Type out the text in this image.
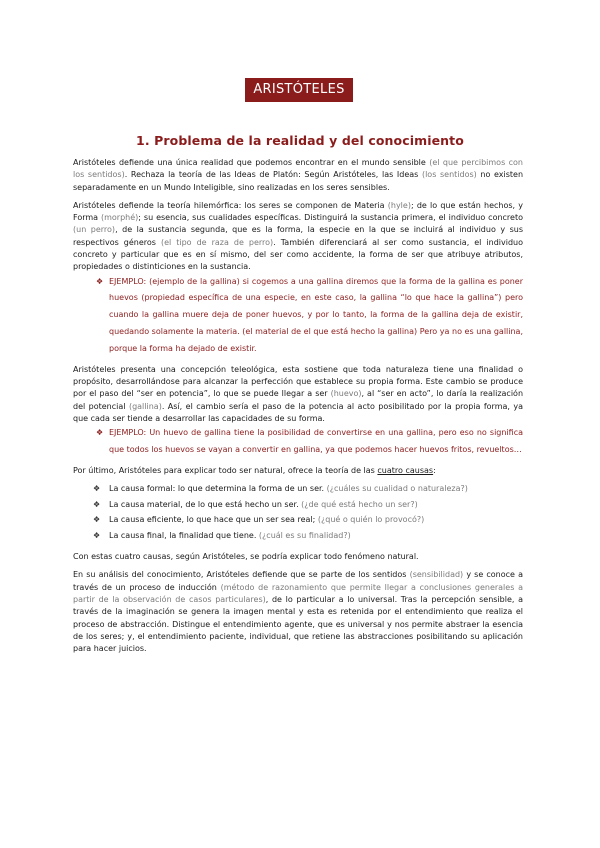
ARISTÓTELES
1. Problema de la realidad y del conocimiento

Aristóteles defiende una única realidad que podemos encontrar en el mundo sensible (el que percibimos con los sentidos). Rechaza la teoría de las Ideas de Platón: Según Aristóteles, las Ideas (los sentidos) no existen separadamente en un Mundo Inteligible, sino realizadas en los seres sensibles.

Aristóteles defiende la teoría hilemórfica: los seres se componen de Materia (hyle); de lo que están hechos, y Forma (morphé); su esencia, sus cualidades específicas. Distinguirá la sustancia primera, el individuo concreto (un perro), de la sustancia segunda, que es la forma, la especie en la que se incluirá al individuo y sus respectivos géneros (el tipo de raza de perro). También diferenciará al ser como sustancia, el individuo concreto y particular que es en sí mismo, del ser como accidente, la forma de ser que atribuye atributos, propiedades o distinticiones en la sustancia.

❖ EJEMPLO: (ejemplo de la gallina) si cogemos a una gallina diremos que la forma de la gallina es poner huevos (propiedad específica de una especie, en este caso, la gallina “lo que hace la gallina”) pero cuando la gallina muere deja de poner huevos, y por lo tanto, la forma de la gallina deja de existir, quedando solamente la materia. (el material de el que está hecho la gallina) Pero ya no es una gallina, porque la forma ha dejado de existir.

Aristóteles presenta una concepción teleológica, esta sostiene que toda naturaleza tiene una finalidad o propósito, desarrollándose para alcanzar la perfección que establece su propia forma. Este cambio se produce por el paso del “ser en potencia”, lo que se puede llegar a ser (huevo), al “ser en acto”, lo daría la realización del potencial (gallina). Así, el cambio sería el paso de la potencia al acto posibilitado por la propia forma, ya que cada ser tiende a desarrollar las capacidades de su forma.

❖ EJEMPLO: Un huevo de gallina tiene la posibilidad de convertirse en una gallina, pero eso no significa que todos los huevos se vayan a convertir en gallina, ya que podemos hacer huevos fritos, revueltos…

Por último, Aristóteles para explicar todo ser natural, ofrece la teoría de las cuatro causas:

❖ La causa formal: lo que determina la forma de un ser. (¿cuáles su cualidad o naturaleza?)
❖ La causa material, de lo que está hecho un ser. (¿de qué está hecho un ser?)
❖ La causa eficiente, lo que hace que un ser sea real; (¿qué o quién lo provocó?)
❖ La causa final, la finalidad que tiene. (¿cuál es su finalidad?)

Con estas cuatro causas, según Aristóteles, se podría explicar todo fenómeno natural.

En su análisis del conocimiento, Aristóteles defiende que se parte de los sentidos (sensibilidad) y se conoce a través de un proceso de inducción (método de razonamiento que permite llegar a conclusiones generales a partir de la observación de casos particulares), de lo particular a lo universal. Tras la percepción sensible, a través de la imaginación se genera la imagen mental y esta es retenida por el entendimiento que realiza el proceso de abstracción. Distingue el entendimiento agente, que es universal y nos permite abstraer la esencia de los seres; y, el entendimiento paciente, individual, que retiene las abstracciones posibilitando su aplicación para hacer juicios.
